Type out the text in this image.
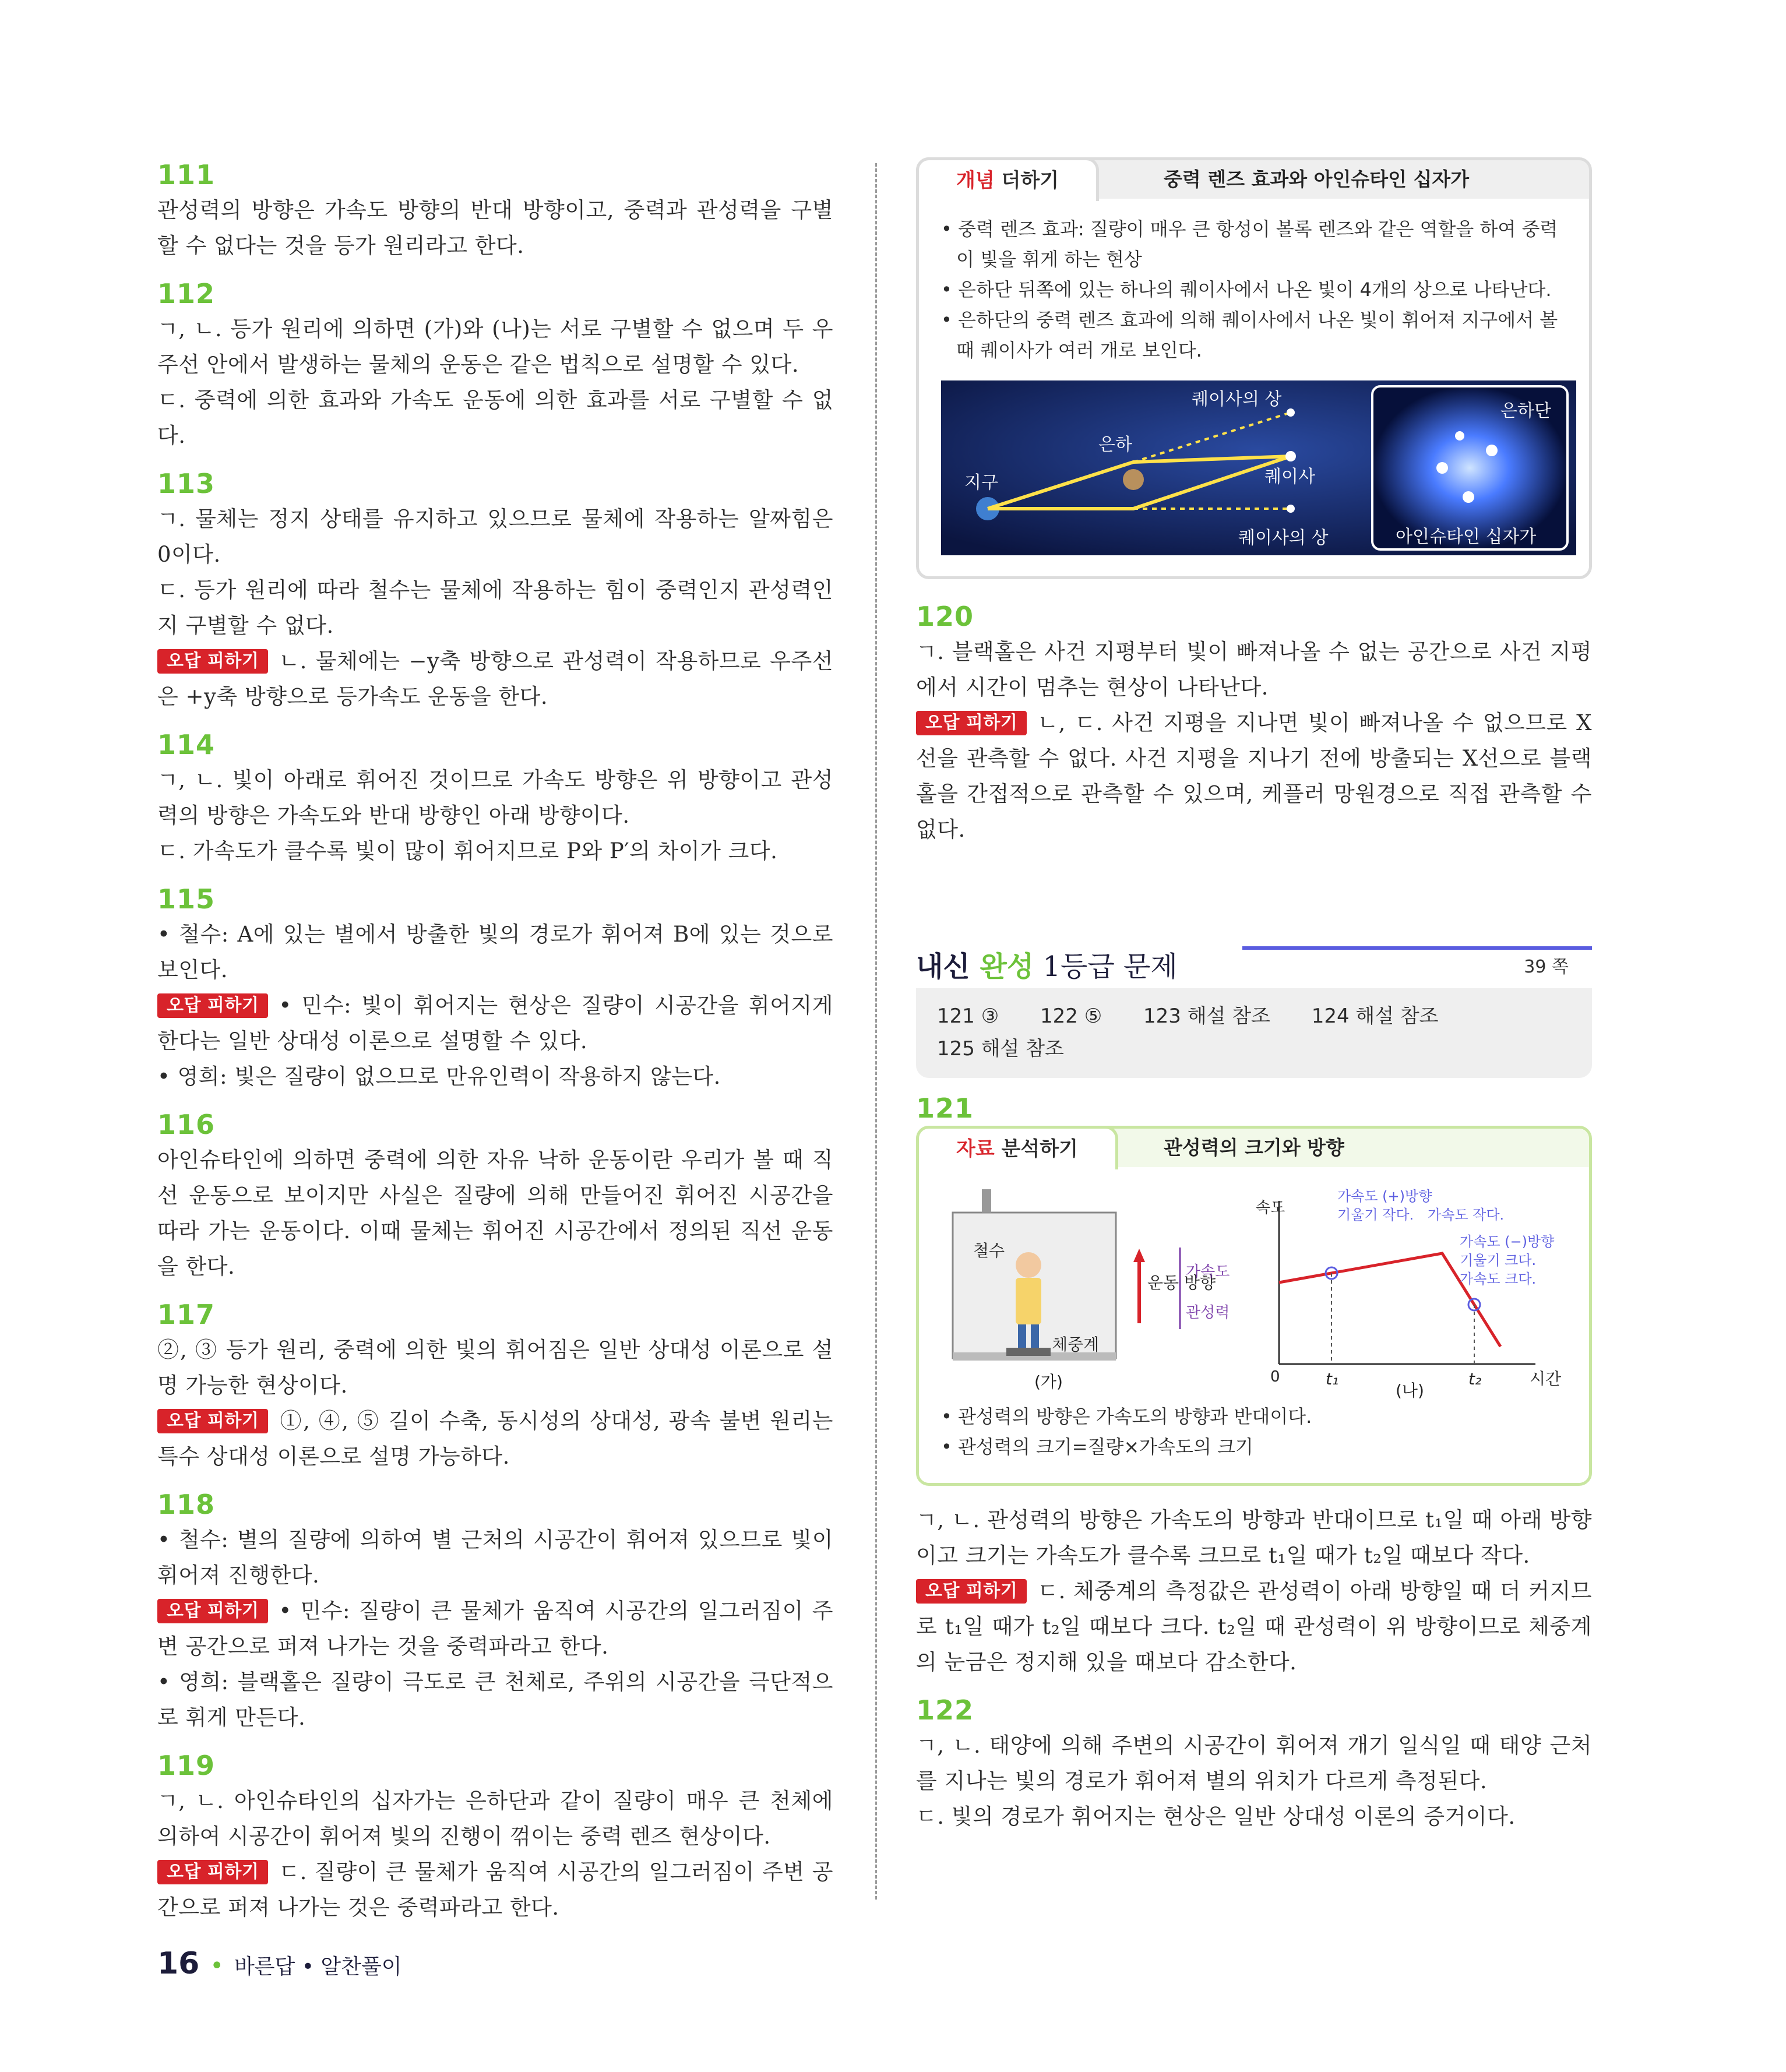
111
관성력의 방향은 가속도 방향의 반대 방향이고, 중력과 관성력을 구별할 수 없다는 것을 등가 원리라고 한다.
112
ㄱ, ㄴ. 등가 원리에 의하면 (가)와 (나)는 서로 구별할 수 없으며 두 우주선 안에서 발생하는 물체의 운동은 같은 법칙으로 설명할 수 있다.
ㄷ. 중력에 의한 효과와 가속도 운동에 의한 효과를 서로 구별할 수 없다.
113
ㄱ. 물체는 정지 상태를 유지하고 있으므로 물체에 작용하는 알짜힘은 0이다.
ㄷ. 등가 원리에 따라 철수는 물체에 작용하는 힘이 중력인지 관성력인지 구별할 수 없다.
오답 피하기 ㄴ. 물체에는 −y축 방향으로 관성력이 작용하므로 우주선은 +y축 방향으로 등가속도 운동을 한다.
114
ㄱ, ㄴ. 빛이 아래로 휘어진 것이므로 가속도 방향은 위 방향이고 관성력의 방향은 가속도와 반대 방향인 아래 방향이다.
ㄷ. 가속도가 클수록 빛이 많이 휘어지므로 P와 P′의 차이가 크다.
115
• 철수: A에 있는 별에서 방출한 빛의 경로가 휘어져 B에 있는 것으로 보인다.
오답 피하기 • 민수: 빛이 휘어지는 현상은 질량이 시공간을 휘어지게 한다는 일반 상대성 이론으로 설명할 수 있다.
• 영희: 빛은 질량이 없으므로 만유인력이 작용하지 않는다.
116
아인슈타인에 의하면 중력에 의한 자유 낙하 운동이란 우리가 볼 때 직선 운동으로 보이지만 사실은 질량에 의해 만들어진 휘어진 시공간을 따라 가는 운동이다. 이때 물체는 휘어진 시공간에서 정의된 직선 운동을 한다.
117
②, ③ 등가 원리, 중력에 의한 빛의 휘어짐은 일반 상대성 이론으로 설명 가능한 현상이다.
오답 피하기 ①, ④, ⑤ 길이 수축, 동시성의 상대성, 광속 불변 원리는 특수 상대성 이론으로 설명 가능하다.
118
• 철수: 별의 질량에 의하여 별 근처의 시공간이 휘어져 있으므로 빛이 휘어져 진행한다.
오답 피하기 • 민수: 질량이 큰 물체가 움직여 시공간의 일그러짐이 주변 공간으로 퍼져 나가는 것을 중력파라고 한다.
• 영희: 블랙홀은 질량이 극도로 큰 천체로, 주위의 시공간을 극단적으로 휘게 만든다.
119
ㄱ, ㄴ. 아인슈타인의 십자가는 은하단과 같이 질량이 매우 큰 천체에 의하여 시공간이 휘어져 빛의 진행이 꺾이는 중력 렌즈 현상이다.
오답 피하기 ㄷ. 질량이 큰 물체가 움직여 시공간의 일그러짐이 주변 공간으로 퍼져 나가는 것은 중력파라고 한다.
개념 더하기	중력 렌즈 효과와 아인슈타인 십자가
• 중력 렌즈 효과: 질량이 매우 큰 항성이 볼록 렌즈와 같은 역할을 하여 중력이 빛을 휘게 하는 현상
• 은하단 뒤쪽에 있는 하나의 퀘이사에서 나온 빛이 4개의 상으로 나타난다.
• 은하단의 중력 렌즈 효과에 의해 퀘이사에서 나온 빛이 휘어져 지구에서 볼 때 퀘이사가 여러 개로 보인다.
퀘이사의 상
은하
지구	퀘이사
퀘이사의 상
은하단
아인슈타인 십자가
120
ㄱ. 블랙홀은 사건 지평부터 빛이 빠져나올 수 없는 공간으로 사건 지평에서 시간이 멈추는 현상이 나타난다.
오답 피하기 ㄴ, ㄷ. 사건 지평을 지나면 빛이 빠져나올 수 없으므로 X선을 관측할 수 없다. 사건 지평을 지나기 전에 방출되는 X선으로 블랙홀을 간접적으로 관측할 수 있으며, 케플러 망원경으로 직접 관측할 수 없다.
내신 완성 1등급 문제	39 쪽
121 ③ 122 ⑤ 123 해설 참조 124 해설 참조
125 해설 참조
121
자료 분석하기	관성력의 크기와 방향
철수
체중계
운동 방향
가속도
관성력
(가)
속도
시간
0	t₁	t₂
가속도 (+)방향
기울기 작다. 가속도 작다.
가속도 (−)방향
기울기 크다.
가속도 크다.
(나)
• 관성력의 방향은 가속도의 방향과 반대이다.
• 관성력의 크기=질량×가속도의 크기
ㄱ, ㄴ. 관성력의 방향은 가속도의 방향과 반대이므로 t₁일 때 아래 방향이고 크기는 가속도가 클수록 크므로 t₁일 때가 t₂일 때보다 작다.
오답 피하기 ㄷ. 체중계의 측정값은 관성력이 아래 방향일 때 더 커지므로 t₁일 때가 t₂일 때보다 크다. t₂일 때 관성력이 위 방향이므로 체중계의 눈금은 정지해 있을 때보다 감소한다.
122
ㄱ, ㄴ. 태양에 의해 주변의 시공간이 휘어져 개기 일식일 때 태양 근처를 지나는 빛의 경로가 휘어져 별의 위치가 다르게 측정된다.
ㄷ. 빛의 경로가 휘어지는 현상은 일반 상대성 이론의 증거이다.
16 • 바른답 • 알찬풀이
